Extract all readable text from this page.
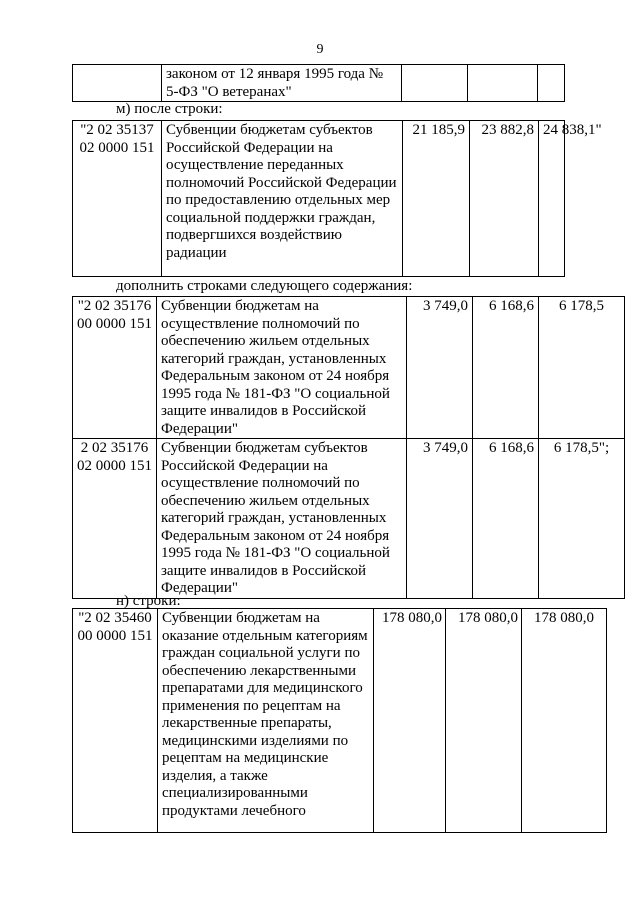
9
	законом от 12 января 1995 года № 5-ФЗ "О ветеранах"			
м) после строки:
"2 02 35137
02 0000 151	Субвенции бюджетам субъектов Российской Федерации на осуществление переданных полномочий Российской Федерации по предоставлению отдельных мер социальной поддержки граждан, подвергшихся воздействию радиации	21 185,9	23 882,8	24 838,1"
дополнить строками следующего содержания:
"2 02 35176
00 0000 151	Субвенции бюджетам на осуществление полномочий по обеспечению жильем отдельных категорий граждан, установленных Федеральным законом от 24 ноября 1995 года № 181-ФЗ "О социальной защите инвалидов в Российской Федерации"	3 749,0	6 168,6	6 178,5
2 02 35176
02 0000 151	Субвенции бюджетам субъектов Российской Федерации на осуществление полномочий по обеспечению жильем отдельных категорий граждан, установленных Федеральным законом от 24 ноября 1995 года № 181-ФЗ "О социальной защите инвалидов в Российской Федерации"	3 749,0	6 168,6	6 178,5";
н) строки:
"2 02 35460
00 0000 151	Субвенции бюджетам на оказание отдельным категориям граждан социальной услуги по обеспечению лекарственными препаратами для медицинского применения по рецептам на лекарственные препараты, медицинскими изделиями по рецептам на медицинские изделия, а также специализированными продуктами лечебного	178 080,0	178 080,0	178 080,0
